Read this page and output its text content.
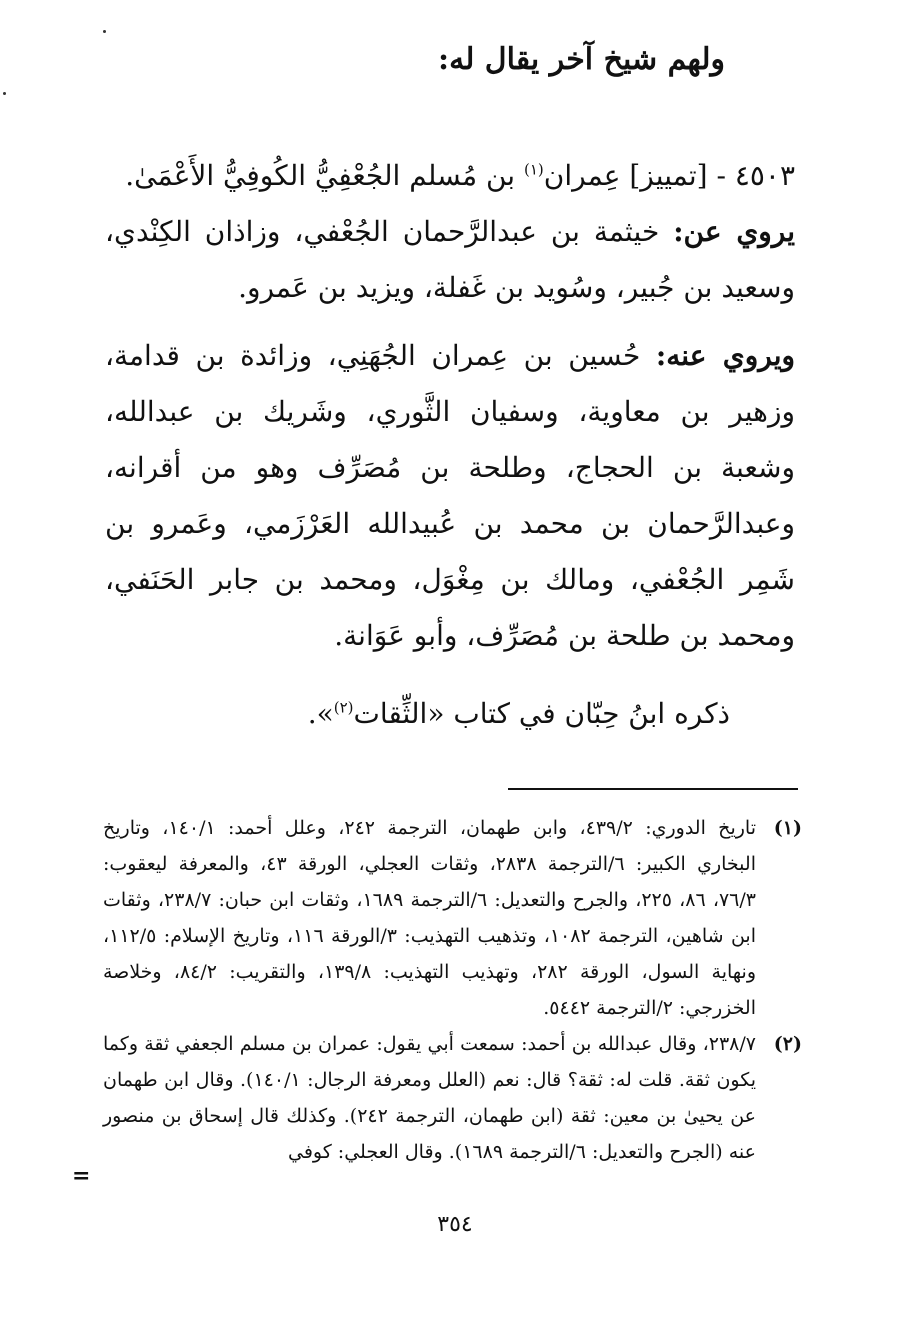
ولهم شيخ آخر يقال له:

٤٥٠٣ - [تمييز] عِمران$^{(١)}$ بن مُسلم الجُعْفِيُّ الكُوفِيُّ الأَعْمَىٰ.

يروي عن: خيثمة بن عبدالرَّحمان الجُعْفي، وزاذان الكِنْدي، وسعيد بن جُبير، وسُويد بن غَفلة، ويزيد بن عَمرو.

ويروي عنه: حُسين بن عِمران الجُهَنِي، وزائدة بن قدامة، وزهير بن معاوية، وسفيان الثَّوري، وشَريك بن عبدالله، وشعبة بن الحجاج، وطلحة بن مُصَرِّف وهو من أقرانه، وعبدالرَّحمان بن محمد بن عُبيدالله العَرْزَمي، وعَمرو بن شَمِر الجُعْفي، ومالك بن مِغْوَل، ومحمد بن جابر الحَنَفي، ومحمد بن طلحة بن مُصَرِّف، وأبو عَوَانة.

ذكره ابنُ حِبّان في كتاب «الثِّقات$^{(٢)}$».
(١)
تاريخ الدوري: ٤٣٩/٢، وابن طهمان، الترجمة ٢٤٢، وعلل أحمد: ١٤٠/١، وتاريخ البخاري الكبير: ٦/الترجمة ٢٨٣٨، وثقات العجلي، الورقة ٤٣، والمعرفة ليعقوب: ٧٦/٣، ٨٦، ٢٢٥، والجرح والتعديل: ٦/الترجمة ١٦٨٩، وثقات ابن حبان: ٢٣٨/٧، وثقات ابن شاهين، الترجمة ١٠٨٢، وتذهيب التهذيب: ٣/الورقة ١١٦، وتاريخ الإسلام: ١١٢/٥، ونهاية السول، الورقة ٢٨٢، وتهذيب التهذيب: ١٣٩/٨، والتقريب: ٨٤/٢، وخلاصة الخزرجي: ٢/الترجمة ٥٤٤٢.
(٢)
٢٣٨/٧، وقال عبدالله بن أحمد: سمعت أبي يقول: عمران بن مسلم الجعفي ثقة وكما يكون ثقة. قلت له: ثقة؟ قال: نعم (العلل ومعرفة الرجال: ١٤٠/١). وقال ابن طهمان عن يحيىٰ بن معين: ثقة (ابن طهمان، الترجمة ٢٤٢). وكذلك قال إسحاق بن منصور عنه (الجرح والتعديل: ٦/الترجمة ١٦٨٩). وقال العجلي: كوفي
=
٣٥٤
